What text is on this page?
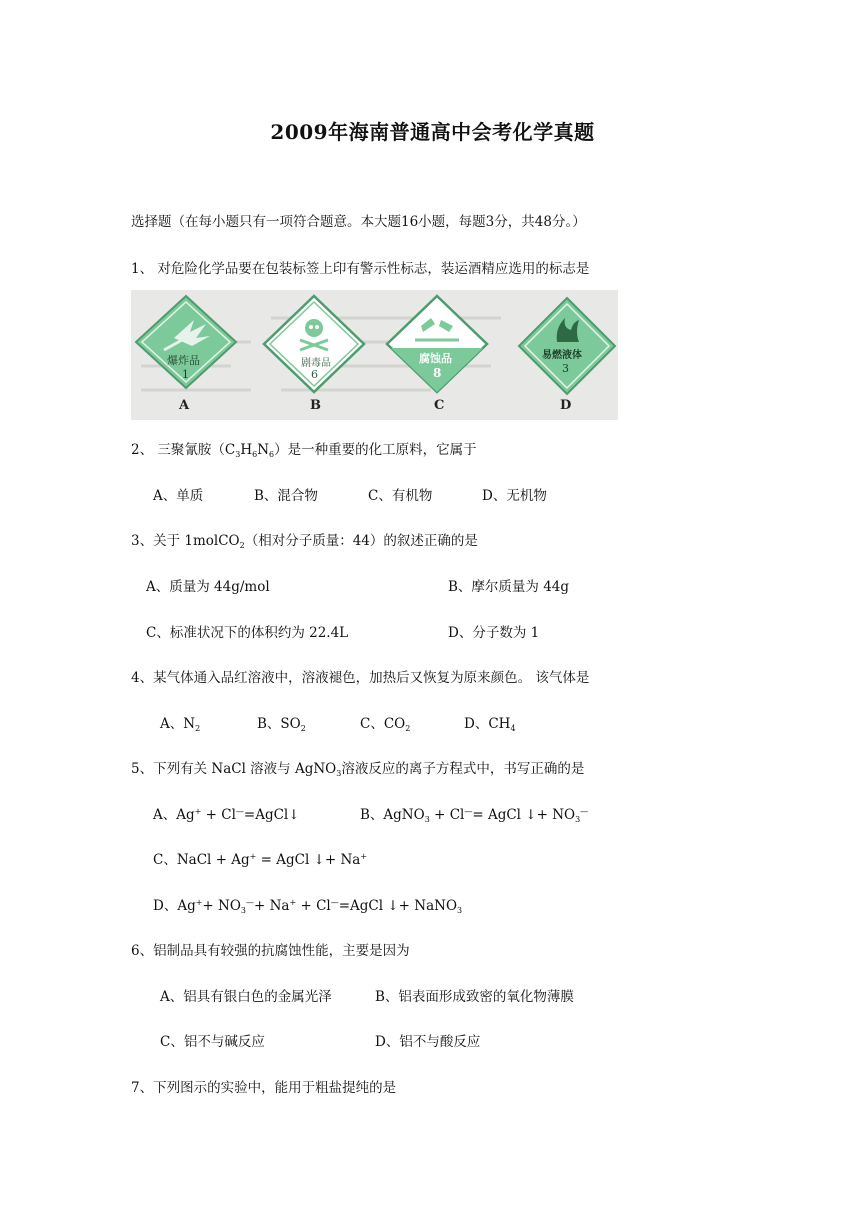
2009年海南普通高中会考化学真题
选择题（在每小题只有一项符合题意。本大题16小题，每题3分，共48分。）
1、 对危险化学品要在包装标签上印有警示性标志，装运酒精应选用的标志是
爆炸品
1
A
剧毒品
6
B
腐蚀品
8
C
易燃液体
3
D
2、 三聚氰胺$(C_3H_6N_6)$是一种重要的化工原料，它属于
A、单质	B、混合物	C、有机物	D、无机物
3、关于 1molCO$_2$（相对分子质量：44）的叙述正确的是
A、质量为 44g/mol	B、摩尔质量为 44g
C、标准状况下的体积约为 22.4L	D、分子数为 1
4、某气体通入品红溶液中，溶液褪色，加热后又恢复为原来颜色。 该气体是
A、$N_2$	B、$SO_2$	C、$CO_2$	D、$CH_4$
5、下列有关 NaCl 溶液与 AgNO$_3$溶液反应的离子方程式中，书写正确的是
A、Ag+ + Cl—=AgCl↓	B、AgNO$_3$ + Cl—= AgCl ↓+ $NO_3^—$
C、NaCl + Ag+ = AgCl ↓+ Na+
D、$Ag^++ NO_3^—+ Na^+$ + Cl—=AgCl ↓+ NaNO$_3$
6、铝制品具有较强的抗腐蚀性能，主要是因为
A、铝具有银白色的金属光泽	B、铝表面形成致密的氧化物薄膜
C、铝不与碱反应	D、铝不与酸反应
7、下列图示的实验中，能用于粗盐提纯的是
